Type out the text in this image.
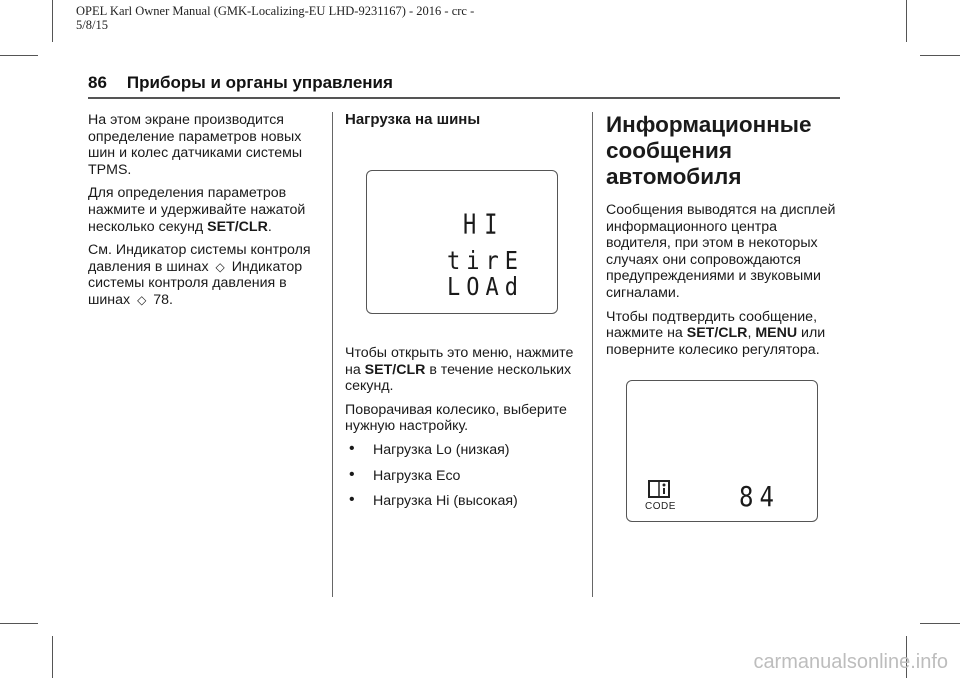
OPEL Karl Owner Manual (GMK-Localizing-EU LHD-9231167) - 2016 - crc -
5/8/15
86 Приборы и органы управления

На этом экране производится определение параметров новых шин и колес датчиками системы TPMS.

Для определения параметров нажмите и удерживайте нажатой несколько секунд SET/CLR.

См. Индикатор системы контроля давления в шинах ◇ Индикатор системы контроля давления в шинах ◇ 78.

Нагрузка на шины
HI
tirE
LOAd

Чтобы открыть это меню, нажмите на SET/CLR в течение нескольких секунд.

Поворачивая колесико, выберите нужную настройку.

• Нагрузка Lo (низкая)
• Нагрузка Eco
• Нагрузка Hi (высокая)
Информационные сообщения автомобиля

Сообщения выводятся на дисплей информационного центра водителя, при этом в некоторых случаях они сопровождаются предупреждениями и звуковыми сигналами.

Чтобы подтвердить сообщение, нажмите на SET/CLR, MENU или поверните колесико регулятора.

CODE	84
carmanualsonline.info
